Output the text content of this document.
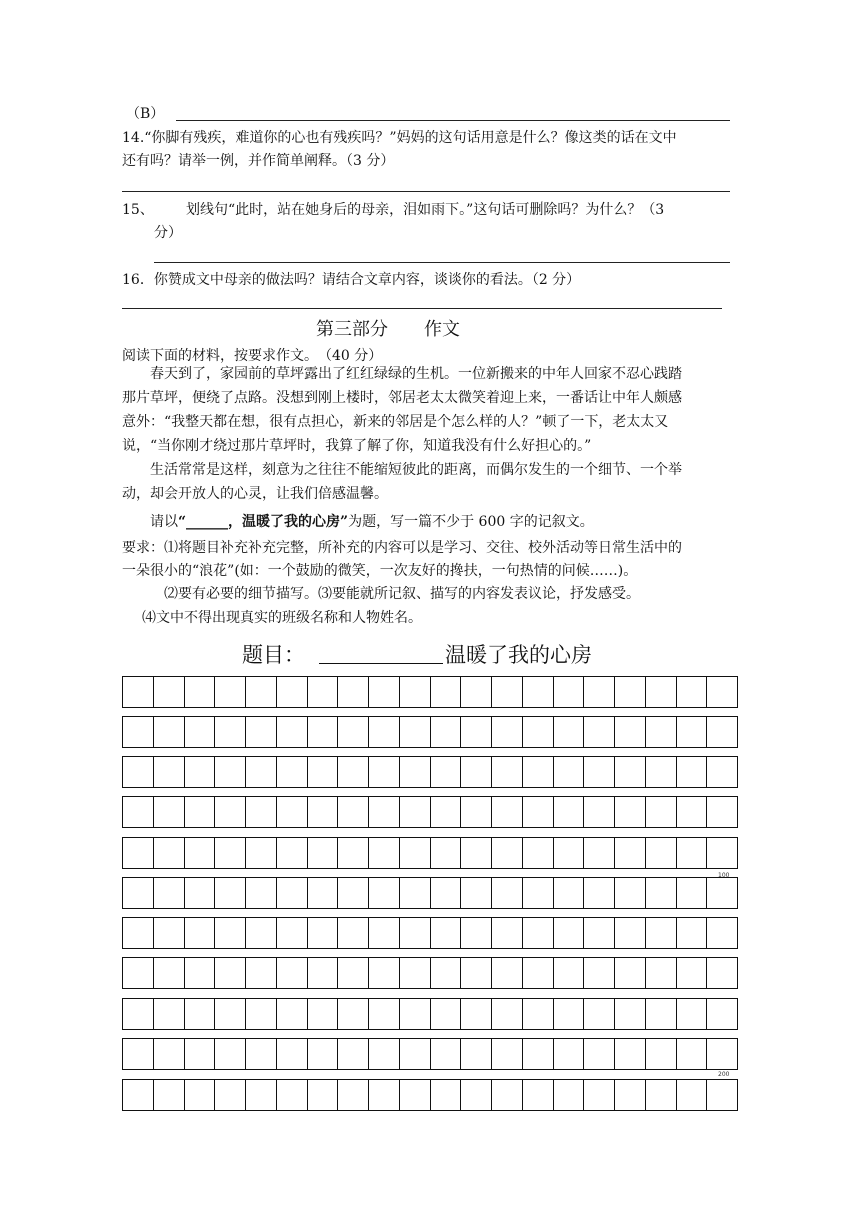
（B）
14.“你脚有残疾，难道你的心也有残疾吗？”妈妈的这句话用意是什么？像这类的话在文中
还有吗？请举一例，并作简单阐释。（3 分）
15、 划线句“此时，站在她身后的母亲，泪如雨下。”这句话可删除吗？为什么？（3
分）
16．你赞成文中母亲的做法吗？请结合文章内容，谈谈你的看法。（2 分）
第三部分　　作文
阅读下面的材料，按要求作文。　（40 分）
春天到了，家园前的草坪露出了红红绿绿的生机。一位新搬来的中年人回家不忍心践踏
那片草坪，便绕了点路。没想到刚上楼时，邻居老太太微笑着迎上来，一番话让中年人颇感
意外：“我整天都在想，很有点担心，新来的邻居是个怎么样的人？”顿了一下，老太太又
说，“当你刚才绕过那片草坪时，我算了解了你，知道我没有什么好担心的。”
生活常常是这样，刻意为之往往不能缩短彼此的距离，而偶尔发生的一个细节、一个举
动，却会开放人的心灵，让我们倍感温馨。
请以“______，温暖了我的心房”为题，写一篇不少于 600 字的记叙文。
要求：⑴将题目补充补充完整，所补充的内容可以是学习、交往、校外活动等日常生活中的
一朵很小的“浪花”(如：一个鼓励的微笑，一次友好的搀扶，一句热情的问候……)。
⑵要有必要的细节描写。⑶要能就所记叙、描写的内容发表议论，抒发感受。
⑷文中不得出现真实的班级名称和人物姓名。
题目：	温暖了我的心房
100
200
